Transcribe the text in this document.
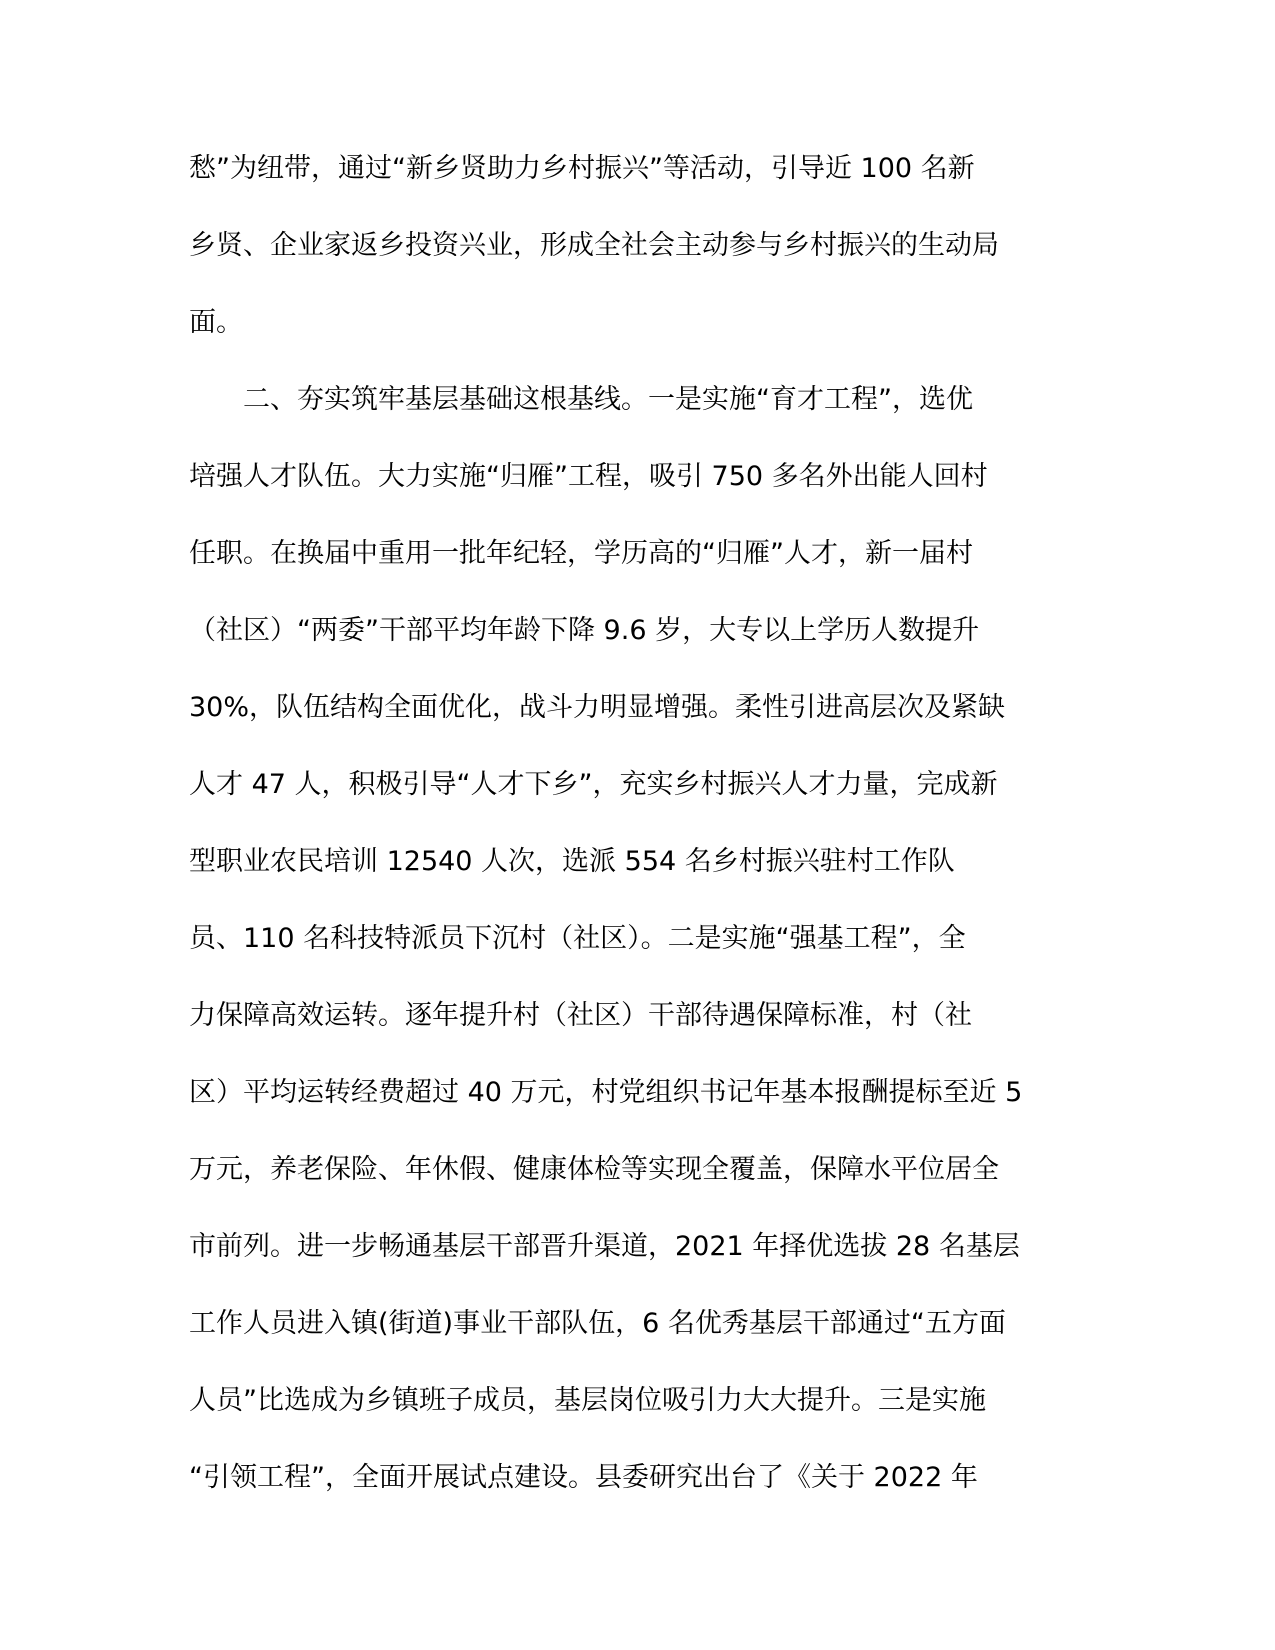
愁”为纽带，通过“新乡贤助力乡村振兴”等活动，引导近 100 名新
乡贤、企业家返乡投资兴业，形成全社会主动参与乡村振兴的生动局
面。
　　二、夯实筑牢基层基础这根基线。一是实施“育才工程”，选优
培强人才队伍。大力实施“归雁”工程，吸引 750 多名外出能人回村
任职。在换届中重用一批年纪轻，学历高的“归雁”人才，新一届村
（社区）“两委”干部平均年龄下降 9.6 岁，大专以上学历人数提升
30%，队伍结构全面优化，战斗力明显增强。柔性引进高层次及紧缺
人才 47 人，积极引导“人才下乡”，充实乡村振兴人才力量，完成新
型职业农民培训 12540 人次，选派 554 名乡村振兴驻村工作队
员、110 名科技特派员下沉村（社区）。二是实施“强基工程”，全
力保障高效运转。逐年提升村（社区）干部待遇保障标准，村（社
区）平均运转经费超过 40 万元，村党组织书记年基本报酬提标至近 5
万元，养老保险、年休假、健康体检等实现全覆盖，保障水平位居全
市前列。进一步畅通基层干部晋升渠道，2021 年择优选拔 28 名基层
工作人员进入镇(街道)事业干部队伍，6 名优秀基层干部通过“五方面
人员”比选成为乡镇班子成员，基层岗位吸引力大大提升。三是实施
“引领工程”，全面开展试点建设。县委研究出台了《关于 2022 年
